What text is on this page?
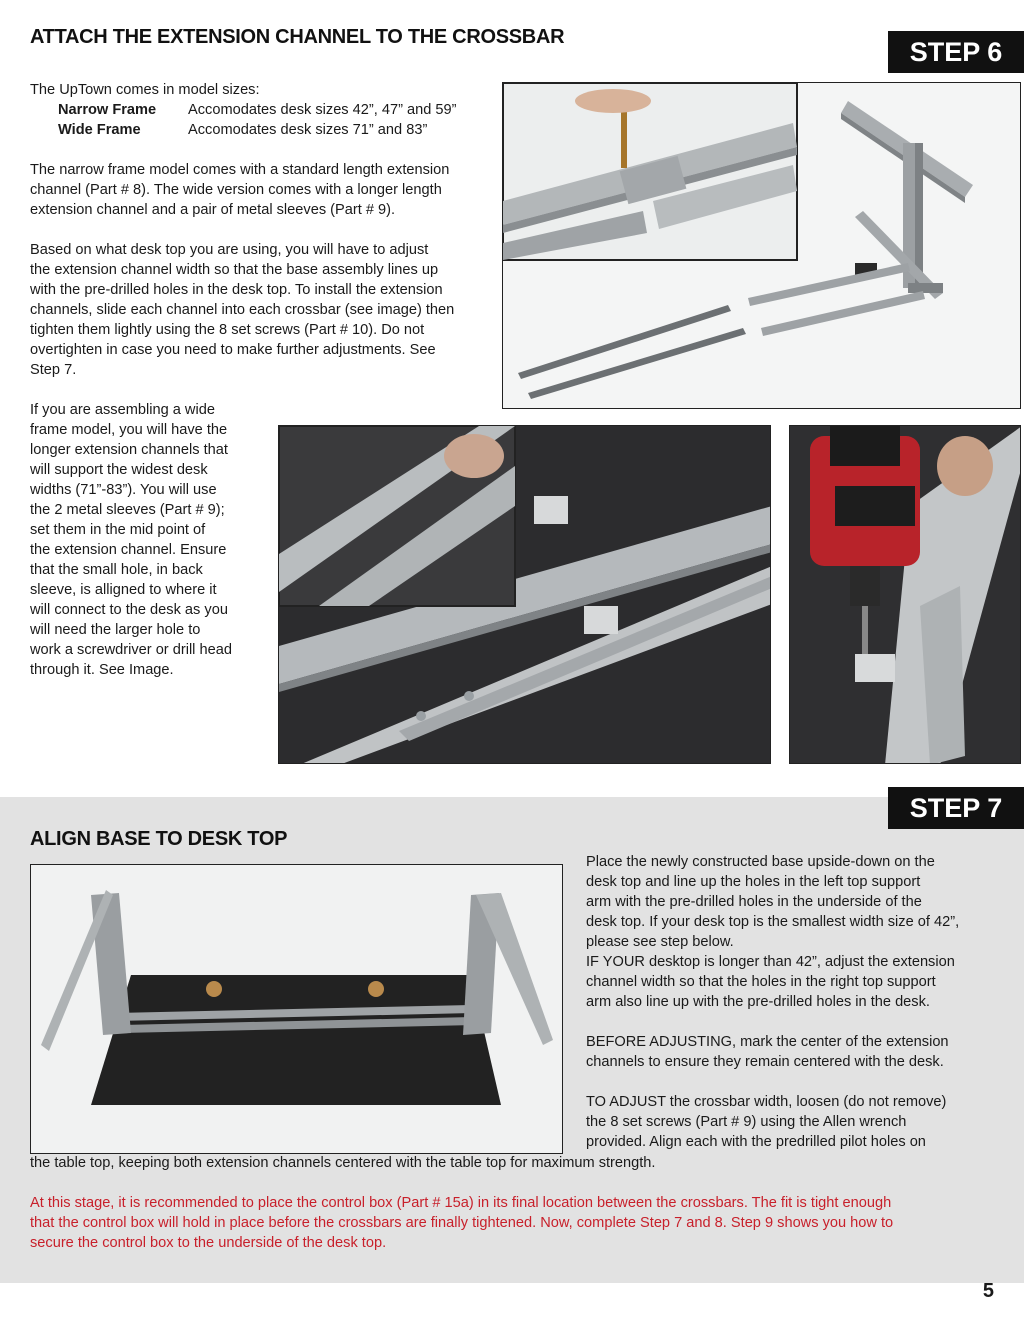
ATTACH THE EXTENSION CHANNEL TO THE CROSSBAR	STEP 6
The UpTown comes in model sizes:
Narrow Frame Accomodates desk sizes 42”, 47” and 59”
Wide Frame	Accomodates desk sizes 71” and 83”
The narrow frame model comes with a standard length extension
channel (Part # 8). The wide version comes with a longer length
extension channel and a pair of metal sleeves (Part # 9).
Based on what desk top you are using, you will have to adjust
the extension channel width so that the base assembly lines up
with the pre-drilled holes in the desk top. To install the extension
channels, slide each channel into each crossbar (see image) then
tighten them lightly using the 8 set screws (Part # 10). Do not
overtighten in case you need to make further adjustments. See
Step 7.
If you are assembling a wide
frame model, you will have the
longer extension channels that
will support the widest desk
widths (71”-83”). You will use
the 2 metal sleeves (Part # 9);
set them in the mid point of
the extension channel. Ensure
that the small hole, in back
sleeve, is alligned to where it
will connect to the desk as you
will need the larger hole to
work a screwdriver or drill head
through it. See Image.
STEP 7
ALIGN BASE TO DESK TOP
Place the newly constructed base upside-down on the
desk top and line up the holes in the left top support
arm with the pre-drilled holes in the underside of the
desk top. If your desk top is the smallest width size of 42”,
please see step below.
IF YOUR desktop is longer than 42”, adjust the extension
channel width so that the holes in the right top support
arm also line up with the pre-drilled holes in the desk.
BEFORE ADJUSTING, mark the center of the extension
channels to ensure they remain centered with the desk.
TO ADJUST the crossbar width, loosen (do not remove)
the 8 set screws (Part # 9) using the Allen wrench
provided. Align each with the predrilled pilot holes on
the table top, keeping both extension channels centered with the table top for maximum strength.
At this stage, it is recommended to place the control box (Part # 15a) in its final location between the crossbars. The fit is tight enough
that the control box will hold in place before the crossbars are finally tightened. Now, complete Step 7 and 8. Step 9 shows you how to
secure the control box to the underside of the desk top.
5
